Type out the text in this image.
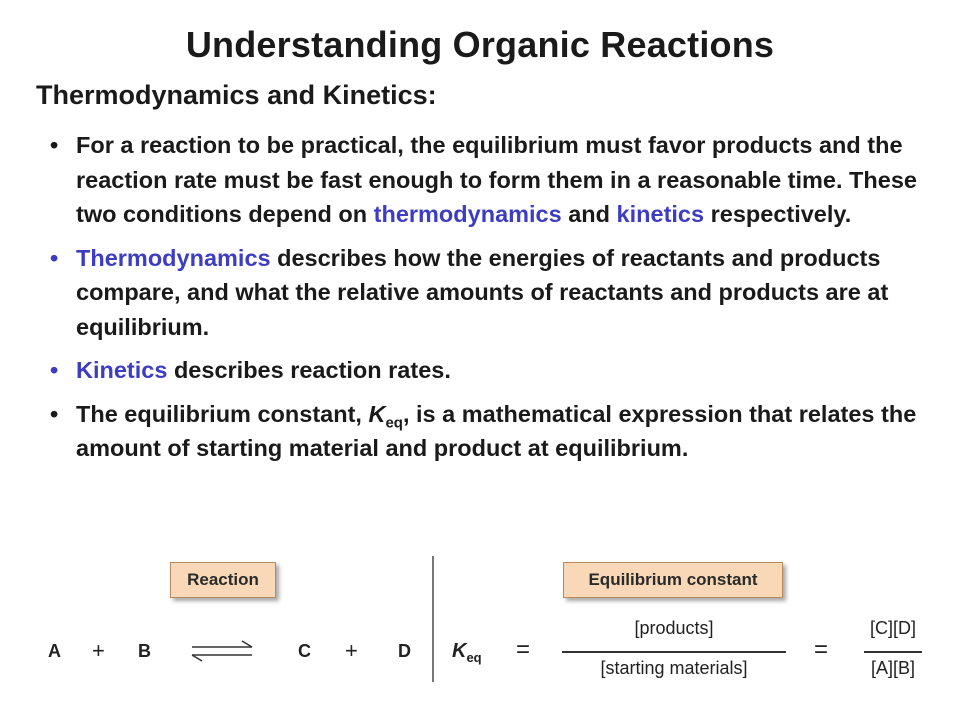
Understanding Organic Reactions
Thermodynamics and Kinetics:
• For a reaction to be practical, the equilibrium must favor products and the reaction rate must be fast enough to form them in a reasonable time. These two conditions depend on thermodynamics and kinetics respectively.
• Thermodynamics describes how the energies of reactants and products compare, and what the relative amounts of reactants and products are at equilibrium.
• Kinetics describes reaction rates.
• The equilibrium constant, $K_{eq}$, is a mathematical expression that relates the amount of starting material and product at equilibrium.
Reaction	Equilibrium constant
A + B	C + D $K_{eq}$ =
[products]
[starting materials]
=
[C][D]
[A][B]
